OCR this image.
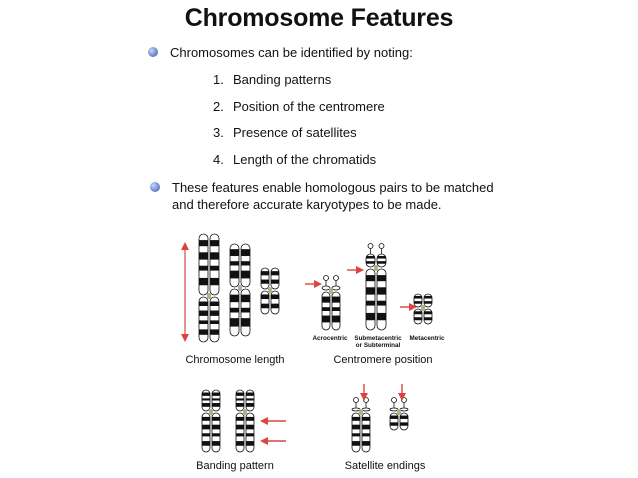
Chromosome Features
Chromosomes can be identified by noting:
1. Banding patterns
2. Position of the centromere
3. Presence of satellites
4. Length of the chromatids
These features enable homologous pairs to be matched
and therefore accurate karyotypes to be made.
Acrocentric	Submetacentric
or Subterminal
Metacentric
Chromosome length	Centromere position
Banding pattern	Satellite endings
